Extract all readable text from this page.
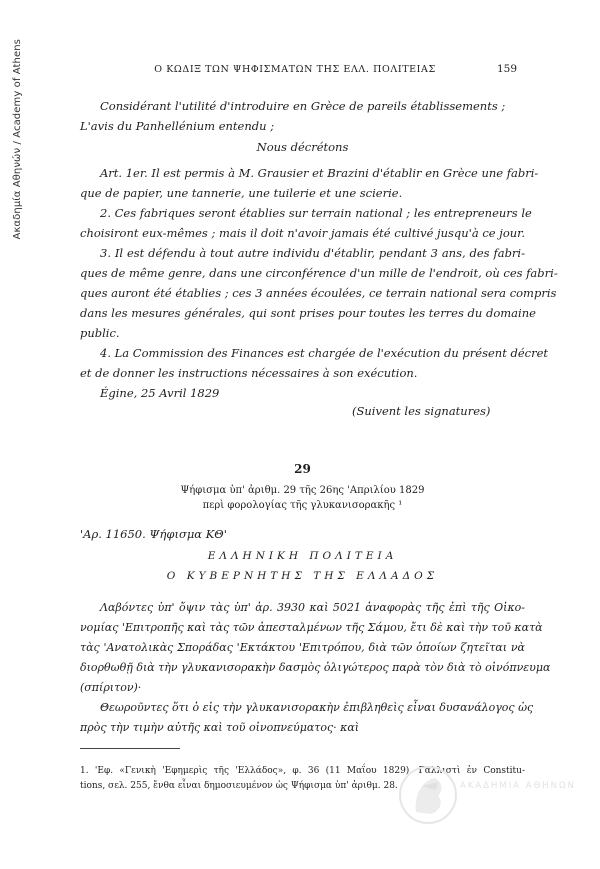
Ακαδημία Αθηνών / Academy of Athens	Ο ΚΩΔΙΞ ΤΩΝ ΨΗΦΙΣΜΑΤΩΝ ΤΗΣ ΕΛΛ. ΠΟΛΙΤΕΙΑΣ	159
Considérant l'utilité d'introduire en Grèce de pareils établissements ;
L'avis du Panhellénium entendu ;
Nous décrétons
Art. 1er. Il est permis à M. Grausier et Brazini d'établir en Grèce une fabri-
que de papier, une tannerie, une tuilerie et une scierie.
2. Ces fabriques seront établies sur terrain national ; les entrepreneurs le
choisiront eux-mêmes ; mais il doit n'avoir jamais été cultivé jusqu'à ce jour.
3. Il est défendu à tout autre individu d'établir, pendant 3 ans, des fabri-
ques de même genre, dans une circonférence d'un mille de l'endroit, où ces fabri-
ques auront été établies ; ces 3 années écoulées, ce terrain national sera compris
dans les mesures générales, qui sont prises pour toutes les terres du domaine
public.
4. La Commission des Finances est chargée de l'exécution du présent décret
et de donner les instructions nécessaires à son exécution.
Égine, 25 Avril 1829
(Suivent les signatures)
29
Ψήφισμα ὑπ' ἀριθμ. 29 τῆς 26ης 'Απριλίου 1829
περὶ φορολογίας τῆς γλυκανισορακῆς ¹
'Αρ. 11650. Ψήφισμα ΚΘ'
ΕΛΛΗΝΙΚΗ ΠΟΛΙΤΕΙΑ
Ο ΚΥΒΕΡΝΗΤΗΣ ΤΗΣ ΕΛΛΑΔΟΣ
Λαβόντες ὑπ' ὄψιν τὰς ὑπ' ἀρ. 3930 καὶ 5021 ἀναφορὰς τῆς ἐπὶ τῆς Οἰκο-
νομίας 'Επιτροπῆς καὶ τὰς τῶν ἀπεσταλμένων τῆς Σάμου, ἔτι δὲ καὶ τὴν τοῦ κατὰ
τὰς 'Ανατολικὰς Σποράδας 'Εκτάκτου 'Επιτρόπου, διὰ τῶν ὁποίων ζητεῖται νὰ
διορθωθῇ διὰ τὴν γλυκανισορακὴν δασμὸς ὀλιγώτερος παρὰ τὸν διὰ τὸ οἰνόπνευμα
(σπίριτον)·
Θεωροῦντες ὅτι ὁ εἰς τὴν γλυκανισορακὴν ἐπιβληθεὶς εἶναι δυσανάλογος ὡς
πρὸς τὴν τιμὴν αὐτῆς καὶ τοῦ οἰνοπνεύματος· καὶ
1. 'Εφ. «Γενικὴ 'Εφημερὶς τῆς 'Ελλάδος», φ. 36 (11 Μαΐου 1829). Γαλλιστὶ ἐν Constitu-
tions, σελ. 255, ἔνθα εἶναι δημοσιευμένον ὡς Ψήφισμα ὑπ' ἀριθμ. 28.	ΑΚΑΔΗΜΙΑ ΑΘΗΝΩΝ
